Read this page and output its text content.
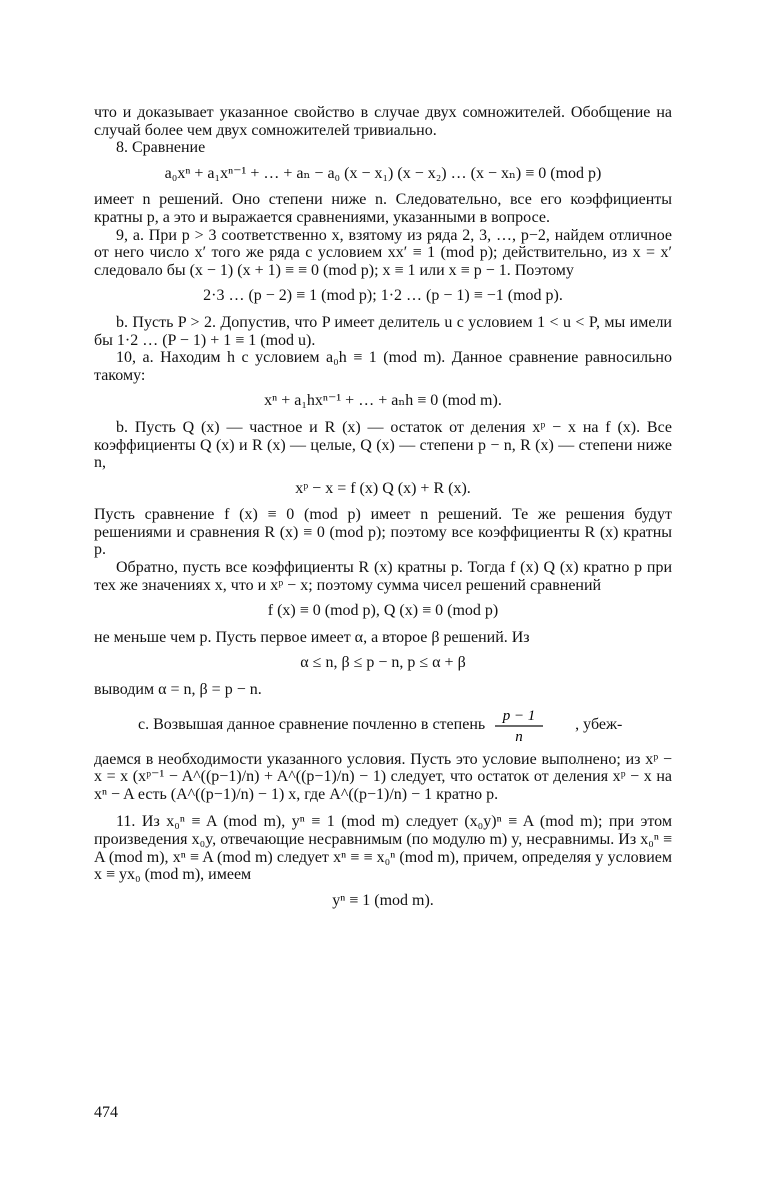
что и доказывает указанное свойство в случае двух сомножителей. Обобщение на случай более чем двух сомножителей тривиально.

8. Сравнение

a₀xⁿ + a₁xⁿ⁻¹ + … + aₙ − a₀ (x − x₁) (x − x₂) … (x − xₙ) ≡ 0 (mod p)

имеет n решений. Оно степени ниже n. Следовательно, все его коэффициенты кратны p, а это и выражается сравнениями, указанными в вопросе.

9, a. При p > 3 соответственно x, взятому из ряда 2, 3, …, p−2, найдем отличное от него число x′ того же ряда с условием xx′ ≡ 1 (mod p); действительно, из x = x′ следовало бы (x − 1) (x + 1) ≡ ≡ 0 (mod p); x ≡ 1 или x ≡ p − 1. Поэтому

2·3 … (p − 2) ≡ 1 (mod p); 1·2 … (p − 1) ≡ −1 (mod p).

b. Пусть P > 2. Допустив, что P имеет делитель u с условием 1 < u < P, мы имели бы 1·2 … (P − 1) + 1 ≡ 1 (mod u).

10, a. Находим h с условием a₀h ≡ 1 (mod m). Данное сравнение равносильно такому:

xⁿ + a₁hxⁿ⁻¹ + … + aₙh ≡ 0 (mod m).

b. Пусть Q (x) — частное и R (x) — остаток от деления xᵖ − x на f (x). Все коэффициенты Q (x) и R (x) — целые, Q (x) — степени p − n, R (x) — степени ниже n,

xᵖ − x = f (x) Q (x) + R (x).

Пусть сравнение f (x) ≡ 0 (mod p) имеет n решений. Те же решения будут решениями и сравнения R (x) ≡ 0 (mod p); поэтому все коэффициенты R (x) кратны p.

Обратно, пусть все коэффициенты R (x) кратны p. Тогда f (x) Q (x) кратно p при тех же значениях x, что и xᵖ − x; поэтому сумма чисел решений сравнений

f (x) ≡ 0 (mod p), Q (x) ≡ 0 (mod p)

не меньше чем p. Пусть первое имеет α, а второе β решений. Из

α ≤ n, β ≤ p − n, p ≤ α + β

выводим α = n, β = p − n.

c. Возвышая данное сравнение почленно в степень
p − 1
n
, убеж-

даемся в необходимости указанного условия. Пусть это условие выполнено; из xᵖ − x = x (xᵖ⁻¹ − A^((p−1)/n) + A^((p−1)/n) − 1) следует, что остаток от деления xᵖ − x на xⁿ − A есть (A^((p−1)/n) − 1) x, где A^((p−1)/n) − 1 кратно p.

11. Из x₀ⁿ ≡ A (mod m), yⁿ ≡ 1 (mod m) следует (x₀y)ⁿ ≡ A (mod m); при этом произведения x₀y, отвечающие несравнимым (по модулю m) y, несравнимы. Из x₀ⁿ ≡ A (mod m), xⁿ ≡ A (mod m) следует xⁿ ≡ ≡ x₀ⁿ (mod m), причем, определяя y условием x ≡ yx₀ (mod m), имеем

yⁿ ≡ 1 (mod m).
474
